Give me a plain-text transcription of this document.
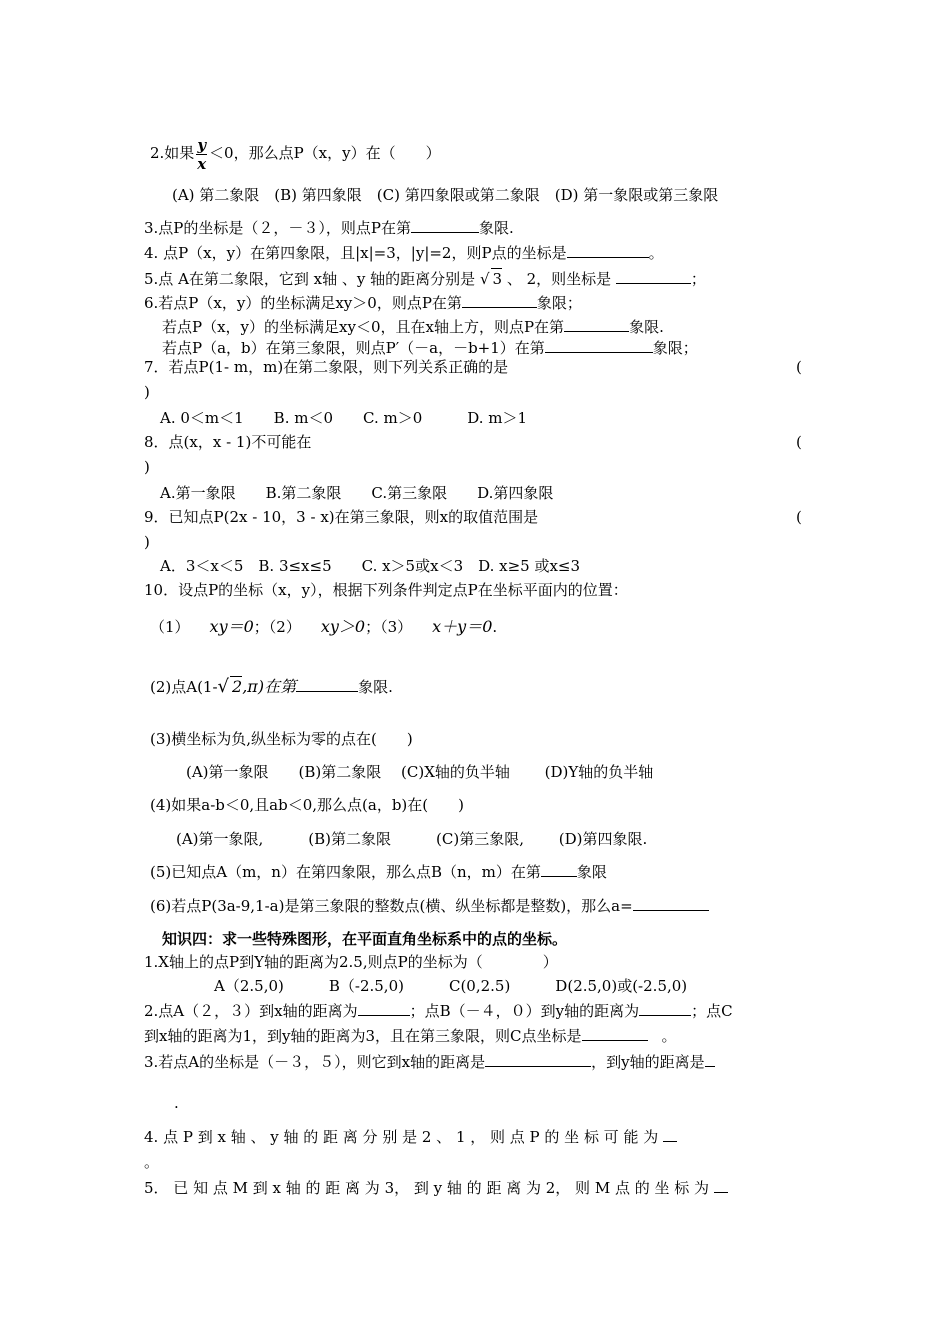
2.如果 $\frac{y}{x} <0$，那么点P（x，y）在（　　）
(A) 第二象限　(B) 第四象限　(C) 第四象限或第二象限　(D) 第一象限或第三象限
3.点P的坐标是（２，－３），则点P在第	象限.
4. 点P（x，y）在第四象限，且|x|=3，|y|=2，则P点的坐标是	。
5.点 A在第二象限，它到 x轴 、y 轴的距离分别是 √ 3 、 2，则坐标是	；
6.若点P（x，y）的坐标满足xy＞0，则点P在第	象限；
若点P（x，y）的坐标满足xy＜0，且在x轴上方，则点P在第	象限.
若点P（a，b）在第三象限，则点P′（－a，－b+1）在第	象限；
7．若点P(1- m，m)在第二象限，则下列关系正确的是	(
)
A. 0＜m＜1　　B. m＜0　　C. m＞0　　　D. m＞1
8．点(x，x - 1)不可能在	(
)
A.第一象限　　B.第二象限　　C.第三象限　　D.第四象限
9．已知点P(2x - 10，3 - x)在第三象限，则x的取值范围是	(
)
A．3＜x＜5　B. 3≤x≤5　　C. x＞5或x＜3　D. x≥5 或x≤3
10．设点P的坐标（x，y），根据下列条件判定点P在坐标平面内的位置：
（1） xy＝0；（2） xy＞0；（3） x＋y＝0.
(2)点A(1-√ 2,π)在第	象限.
(3)横坐标为负,纵坐标为零的点在(　　)
(A)第一象限　　(B)第二象限　 (C)X轴的负半轴　　 (D)Y轴的负半轴
(4)如果a-b＜0,且ab＜0,那么点(a，b)在(　　)
(A)第一象限,　　　(B)第二象限　　　(C)第三象限,　　 (D)第四象限.
(5)已知点A（m，n）在第四象限，那么点B（n，m）在第 象限
(6)若点P(3a-9,1-a)是第三象限的整数点(横、纵坐标都是整数)，那么a=
知识四：求一些特殊图形，在平面直角坐标系中的点的坐标。
1.X轴上的点P到Y轴的距离为2.5,则点P的坐标为（　　　　）
A（2.5,0)　　　B（-2.5,0)　　　C(0,2.5)　　　D(2.5,0)或(-2.5,0)
2.点A（２，３）到x轴的距离为	；点B（－４，０）到y轴的距离为	；点C
到x轴的距离为1，到y轴的距离为3，且在第三象限，则C点坐标是	。
3.若点A的坐标是（－３，５），则它到x轴的距离是	，到y轴的距离是
.
4. 点 P 到 x 轴 、 y 轴 的 距 离 分 别 是 2 、 1 ， 则 点 P 的 坐 标 可 能 为
。
5． 已 知 点 M 到 x 轴 的 距 离 为 3， 到 y 轴 的 距 离 为 2， 则 M 点 的 坐 标 为
